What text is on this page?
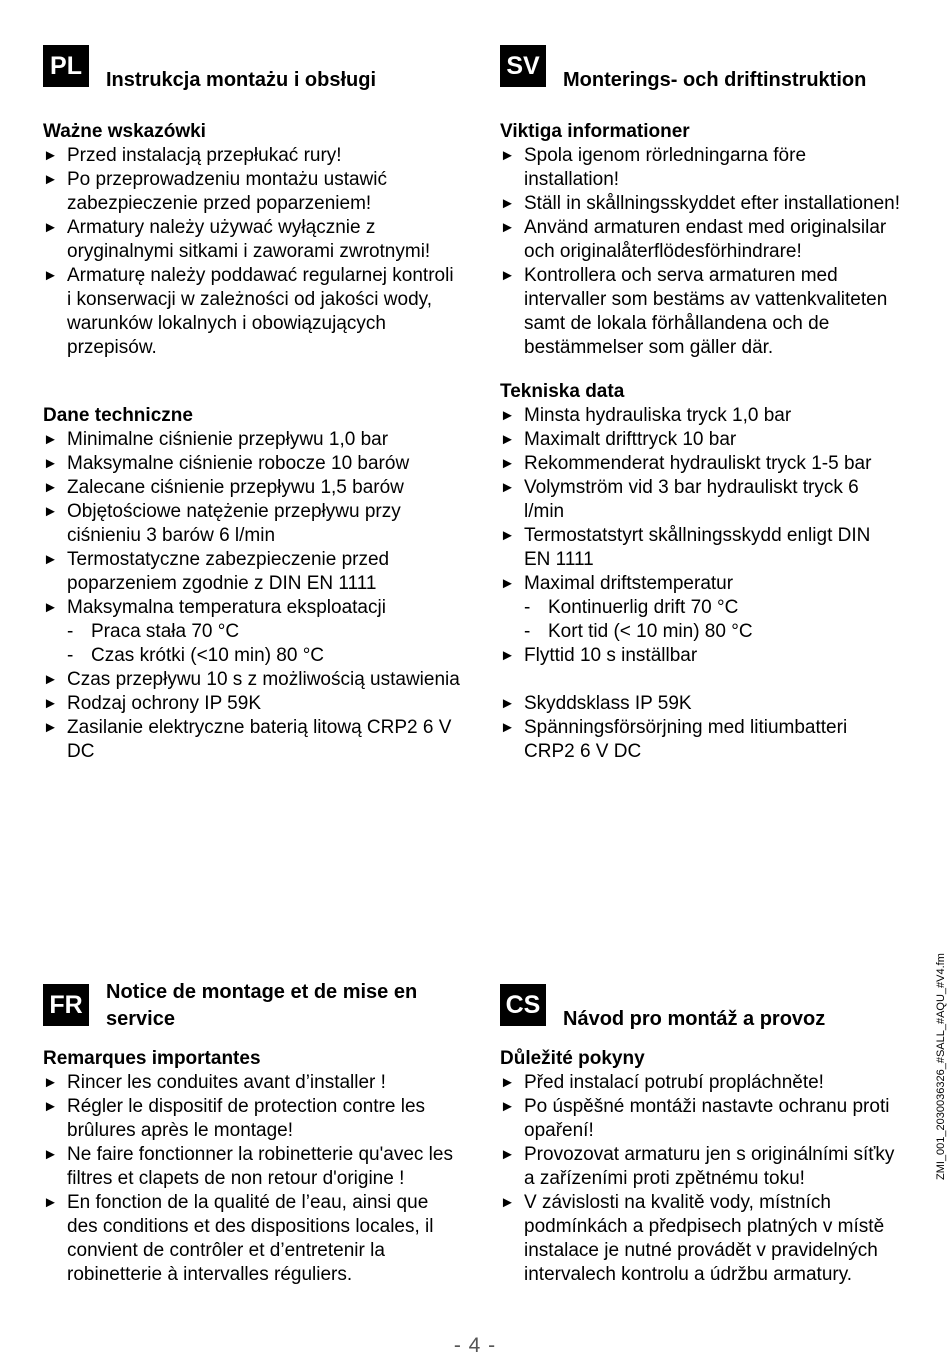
PL
Instrukcja montażu i obsługi

Ważne wskazówki

► Przed instalacją przepłukać rury!
► Po przeprowadzeniu montażu ustawić zabezpieczenie przed poparzeniem!
► Armatury należy używać wyłącznie z oryginalnymi sitkami i zaworami zwrotnymi!
► Armaturę należy poddawać regularnej kontroli i konserwacji w zależności od jakości wody, warunków lokalnych i obowiązujących przepisów.

Dane techniczne

► Minimalne ciśnienie przepływu 1,0 bar
► Maksymalne ciśnienie robocze 10 barów
► Zalecane ciśnienie przepływu 1,5 barów
► Objętościowe natężenie przepływu przy ciśnieniu 3 barów 6 l/min
► Termostatyczne zabezpieczenie przed poparzeniem zgodnie z DIN EN 1111
► Maksymalna temperatura eksploatacji
- Praca stała 70 °C
- Czas krótki (<10 min) 80 °C
► Czas przepływu 10 s z możliwością ustawienia
► Rodzaj ochrony IP 59K
► Zasilanie elektryczne baterią litową CRP2 6 V DC
SV
Monterings- och driftinstruktion

Viktiga informationer

► Spola igenom rörledningarna före installation!
► Ställ in skållningsskyddet efter installationen!
► Använd armaturen endast med originalsilar och originalåterflödesförhindrare!
► Kontrollera och serva armaturen med intervaller som bestäms av vattenkvaliteten samt de lokala förhållandena och de bestämmelser som gäller där.

Tekniska data

► Minsta hydrauliska tryck 1,0 bar
► Maximalt drifttryck 10 bar
► Rekommenderat hydrauliskt tryck 1-5 bar
► Volymström vid 3 bar hydrauliskt tryck 6 l/min
► Termostatstyrt skållningsskydd enligt DIN EN 1111
► Maximal driftstemperatur
- Kontinuerlig drift 70 °C
- Kort tid (< 10 min) 80 °C
► Flyttid 10 s inställbar
► Skyddsklass IP 59K
► Spänningsförsörjning med litiumbatteri CRP2 6 V DC
FR	Notice de montage et de mise en service

Remarques importantes

► Rincer les conduites avant d’installer !
► Régler le dispositif de protection contre les brûlures après le montage!
► Ne faire fonctionner la robinetterie qu'avec les filtres et clapets de non retour d'origine !
► En fonction de la qualité de l’eau, ainsi que des conditions et des dispositions locales, il convient de contrôler et d’entretenir la robinetterie à intervalles réguliers.
CS
Návod pro montáž a provoz

Důležité pokyny

► Před instalací potrubí propláchněte!
► Po úspěšné montáži nastavte ochranu proti opaření!
► Provozovat armaturu jen s originálními síťky a zařízeními proti zpětnému toku!
► V závislosti na kvalitě vody, místních podmínkách a předpisech platných v místě instalace je nutné provádět v pravidelných intervalech kontrolu a údržbu armatury.
ZMI_001_2030036326_#SALL_#AQU_#V4.fm
- 4 -
